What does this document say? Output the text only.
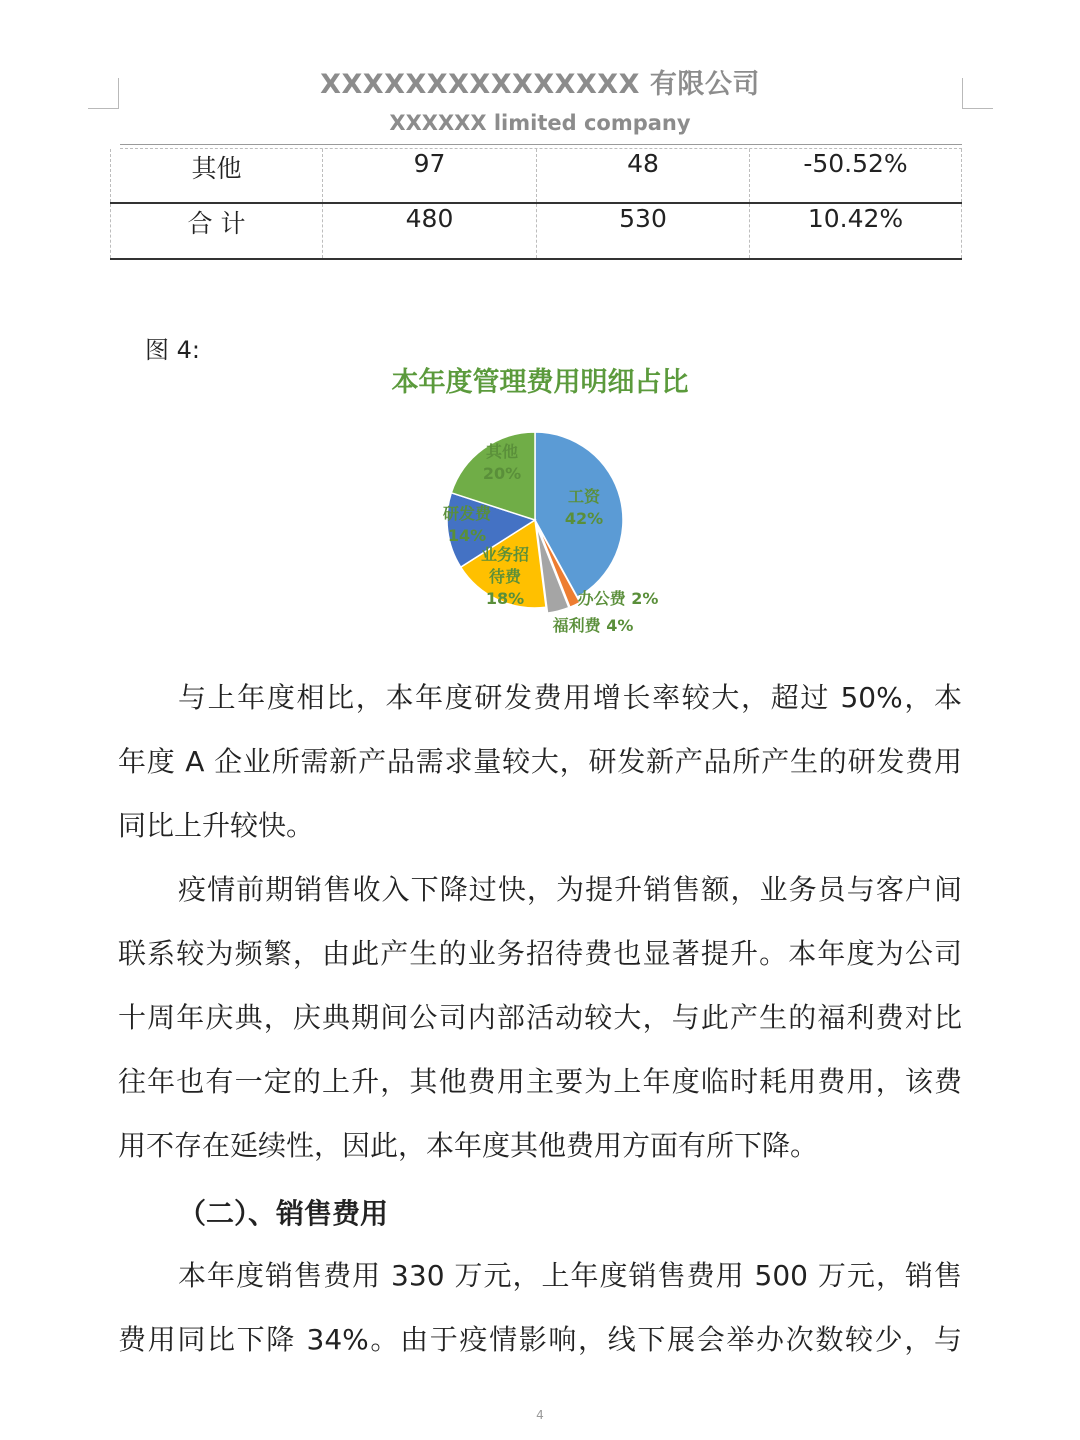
XXXXXXXXXXXXXXX 有限公司
XXXXXX limited company
其他	97	48	-50.52%
合 计	480	530	10.42%
图 4:
本年度管理费用明细占比
工资 42%
办公费 2%
福利费 4%
业务招待费 18%
研发费 14%
其他 20%
与上年度相比，本年度研发费用增长率较大，超过 50%，本
年度 A 企业所需新产品需求量较大，研发新产品所产生的研发费用
同比上升较快。
疫情前期销售收入下降过快，为提升销售额，业务员与客户间
联系较为频繁，由此产生的业务招待费也显著提升。本年度为公司
十周年庆典，庆典期间公司内部活动较大，与此产生的福利费对比
往年也有一定的上升，其他费用主要为上年度临时耗用费用，该费
用不存在延续性，因此，本年度其他费用方面有所下降。
（二）、销售费用
本年度销售费用 330 万元，上年度销售费用 500 万元，销售
费用同比下降 34%。由于疫情影响，线下展会举办次数较少，与
4
